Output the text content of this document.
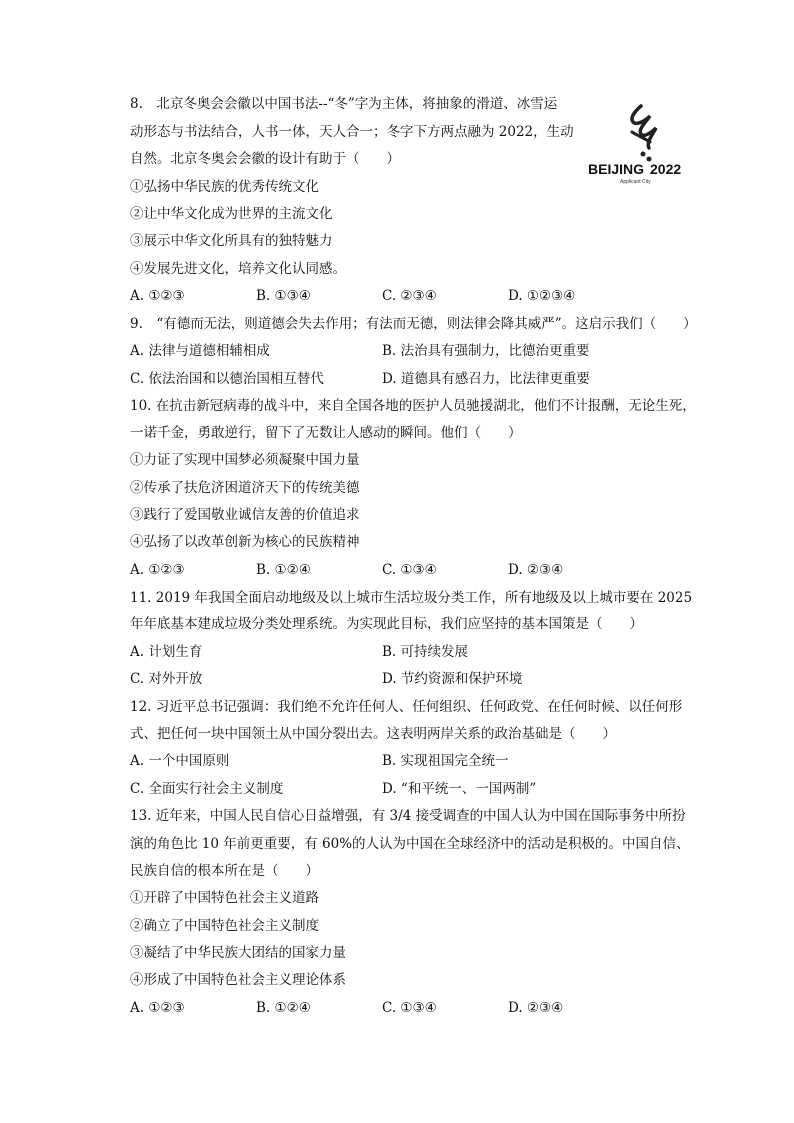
8.　北京冬奥会会徽以中国书法--“冬”字为主体，将抽象的滑道、冰雪运
动形态与书法结合，人书一体，天人合一；冬字下方两点融为 2022，生动
自然。北京冬奥会会徽的设计有助于（　　）
①弘扬中华民族的优秀传统文化
②让中华文化成为世界的主流文化
③展示中华文化所具有的独特魅力
④发展先进文化，培养文化认同感。
A. ①②③	B. ①③④	C. ②③④	D. ①②③④
BEIJING 2022
Applicant City
9.　“有德而无法，则道德会失去作用；有法而无德，则法律会降其威严”。这启示我们（　　）
A. 法律与道德相辅相成	B. 法治具有强制力，比德治更重要
C. 依法治国和以德治国相互替代	D. 道德具有感召力，比法律更重要
10. 在抗击新冠病毒的战斗中，来自全国各地的医护人员驰援湖北，他们不计报酬，无论生死，
一诺千金，勇敢逆行，留下了无数让人感动的瞬间。他们（　　）
①力证了实现中国梦必须凝聚中国力量
②传承了扶危济困道济天下的传统美德
③践行了爱国敬业诚信友善的价值追求
④弘扬了以改革创新为核心的民族精神
A. ①②③	B. ①②④	C. ①③④	D. ②③④
11. 2019 年我国全面启动地级及以上城市生活垃圾分类工作，所有地级及以上城市要在 2025
年年底基本建成垃圾分类处理系统。为实现此目标，我们应坚持的基本国策是（　　）
A. 计划生育	B. 可持续发展
C. 对外开放	D. 节约资源和保护环境
12. 习近平总书记强调：我们绝不允许任何人、任何组织、任何政党、在任何时候、以任何形
式、把任何一块中国领土从中国分裂出去。这表明两岸关系的政治基础是（　　）
A. 一个中国原则	B. 实现祖国完全统一
C. 全面实行社会主义制度	D. “和平统一、一国两制”
13. 近年来，中国人民自信心日益增强，有 3/4 接受调查的中国人认为中国在国际事务中所扮
演的角色比 10 年前更重要，有 60%的人认为中国在全球经济中的活动是积极的。中国自信、
民族自信的根本所在是（　　）
①开辟了中国特色社会主义道路
②确立了中国特色社会主义制度
③凝结了中华民族大团结的国家力量
④形成了中国特色社会主义理论体系
A. ①②③	B. ①②④	C. ①③④	D. ②③④
